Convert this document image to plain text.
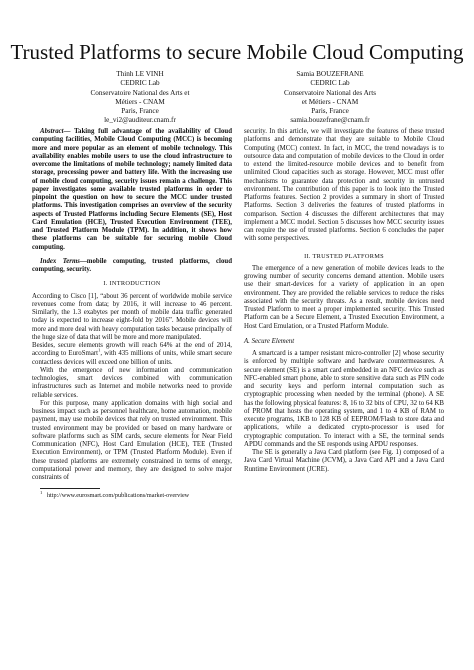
Trusted Platforms to secure Mobile Cloud Computing
Thinh LE VINH
CEDRIC Lab
Conservatoire National des Arts et
Métiers - CNAM
Paris, France
le_vi2@auditeur.cnam.fr
Samia BOUZEFRANE
CEDRIC Lab
Conservatoire National des Arts
et Métiers - CNAM
Paris, France
samia.bouzefrane@cnam.fr

Abstract— Taking full advantage of the availability of Cloud computing facilities, Mobile Cloud Computing (MCC) is becoming more and more popular as an element of mobile technology. This availability enables mobile users to use the cloud infrastructure to overcome the limitations of mobile technology; namely limited data storage, processing power and battery life. With the increasing use of mobile cloud computing, security issues remain a challenge. This paper investigates some available trusted platforms in order to pinpoint the question on how to secure the MCC under trusted platforms. This investigation comprises an overview of the security aspects of Trusted Platforms including Secure Elements (SE), Host Card Emulation (HCE), Trusted Execution Environment (TEE), and Trusted Platform Module (TPM). In addition, it shows how these platforms can be suitable for securing mobile Cloud computing.

Index Terms—mobile computing, trusted platforms, cloud computing, security.

I. INTRODUCTION

According to Cisco [1], “about 36 percent of worldwide mobile service revenues come from data; by 2016, it will increase to 46 percent. Similarly, the 1.3 exabytes per month of mobile data traffic generated today is expected to increase eight-fold by 2016”. Mobile devices will more and more deal with heavy computation tasks because principally of the huge size of data that will be more and more manipulated.

Besides, secure elements growth will reach 64% at the end of 2014, according to EuroSmart$^1$, with 435 millions of units, while smart secure contactless devices will exceed one billion of units.

With the emergence of new information and communication technologies, smart devices combined with communication infrastructures such as Internet and mobile networks need to provide reliable services.

For this purpose, many application domains with high social and business impact such as personnel healthcare, home automation, mobile payment, may use mobile devices that rely on trusted environment. This trusted environment may be provided or based on many hardware or software platforms such as SIM cards, secure elements for Near Field Communication (NFC), Host Card Emulation (HCE), TEE (Trusted Execution Environment), or TPM (Trusted Platform Module). Even if these trusted platforms are extremely constrained in terms of energy, computational power and memory, they are designed to solve major constraints of

$^1$ http://www.eurosmart.com/publications/market-overview

security. In this article, we will investigate the features of these trusted platforms and demonstrate that they are suitable to Mobile Cloud Computing (MCC) context. In fact, in MCC, the trend nowadays is to outsource data and computation of mobile devices to the Cloud in order to extend the limited-resource mobile devices and to benefit from unlimited Cloud capacities such as storage. However, MCC must offer mechanisms to guarantee data protection and security in untrusted environment. The contribution of this paper is to look into the Trusted Platforms features. Section 2 provides a summary in short of Trusted Platforms. Section 3 deliveries the features of trusted platforms in comparison. Section 4 discusses the different architectures that may implement a MCC model. Section 5 discusses how MCC security issues can require the use of trusted platforms. Section 6 concludes the paper with some perspectives.

II. TRUSTED PLATFORMS

The emergence of a new generation of mobile devices leads to the growing number of security concerns demand attention. Mobile users use their smart-devices for a variety of application in an open environment. They are provided the reliable services to reduce the risks associated with the security threats. As a result, mobile devices need Trusted Platform to meet a proper implemented security. This Trusted Platform can be a Secure Element, a Trusted Execution Environment, a Host Card Emulation, or a Trusted Platform Module.

A. Secure Element

A smartcard is a tamper resistant micro-controller [2] whose security is enforced by multiple software and hardware countermeasures. A secure element (SE) is a smart card embedded in an NFC device such as NFC-enabled smart phone, able to store sensitive data such as PIN code and security keys and perform internal computation such as cryptographic processing when needed by the terminal (phone). A SE has the following physical features: 8, 16 to 32 bits of CPU, 32 to 64 KB of PROM that hosts the operating system, and 1 to 4 KB of RAM to execute programs, 1KB to 128 KB of EEPROM/Flash to store data and applications, while a dedicated crypto-processor is used for cryptographic computation. To interact with a SE, the terminal sends APDU commands and the SE responds using APDU responses.

The SE is generally a Java Card platform (see Fig. 1) composed of a Java Card Virtual Machine (JCVM), a Java Card API and a Java Card Runtime Environment (JCRE).
